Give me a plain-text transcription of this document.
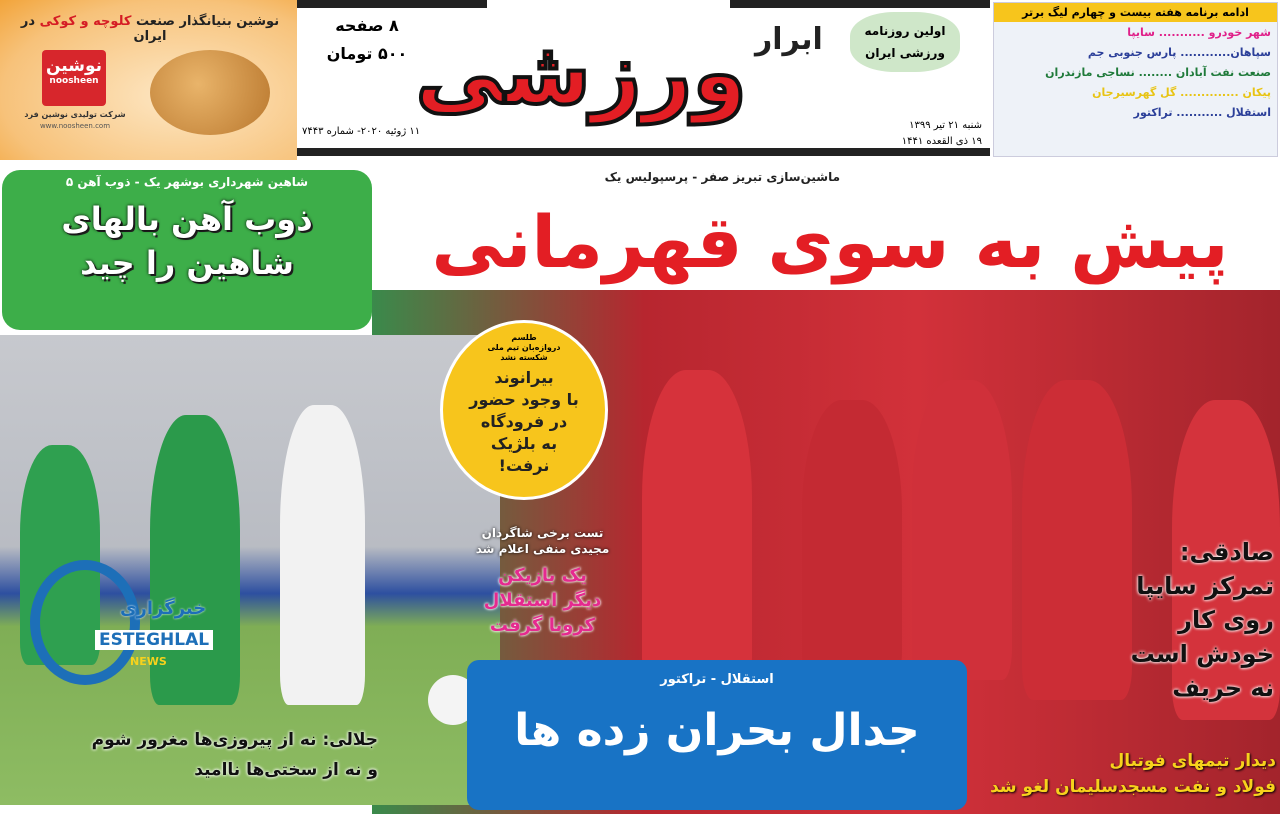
نوشین بنیانگذار صنعت کلوچه و کوکی در ایران
نوشین
noosheen
شرکت تولیدی نوشین فرد
www.noosheen.com
ورزشی ابرار
۸ صفحه
۵۰۰ تومان
۱۱ ژوئیه ۲۰۲۰- شماره ۷۴۴۳
اولین روزنامه
ورزشی ایران
شنبه ۲۱ تیر ۱۳۹۹
۱۹ ذی القعده ۱۴۴۱
ادامه برنامه هفته بیست و چهارم لیگ برتر
شهر خودرو ........... سایپا
سپاهان............ پارس جنوبی جم
صنعت نفت آبادان ........ نساجی مازندران
پیکان .............. گل گهرسیرجان
استقلال ........... تراکتور
شاهین شهرداری بوشهر یک - ذوب آهن ۵
ذوب آهن بالهای
شاهین را چید
ماشین‌سازی تبریز صفر - پرسپولیس یک
پیش به سوی قهرمانی
طلسم
دروازه‌بان تیم ملی
شکسته نشد
بیرانوند
با وجود حضور
در فرودگاه
به بلژیک
نرفت!
تست برخی شاگردان
مجیدی منفی اعلام شد
یک بازیکن
دیگر استقلال
کرونا گرفت
صادقی:
تمرکز سایپا
روی کار
خودش است
نه حریف
دیدار تیمهای فوتبال
فولاد و نفت مسجدسلیمان لغو شد
استقلال - تراکتور
جدال بحران زده ها
خبرگزاری
ESTEGHLAL
NEWS
جلالی: نه از پیروزی‌ها مغرور شوم
و نه از سختی‌ها ناامید
